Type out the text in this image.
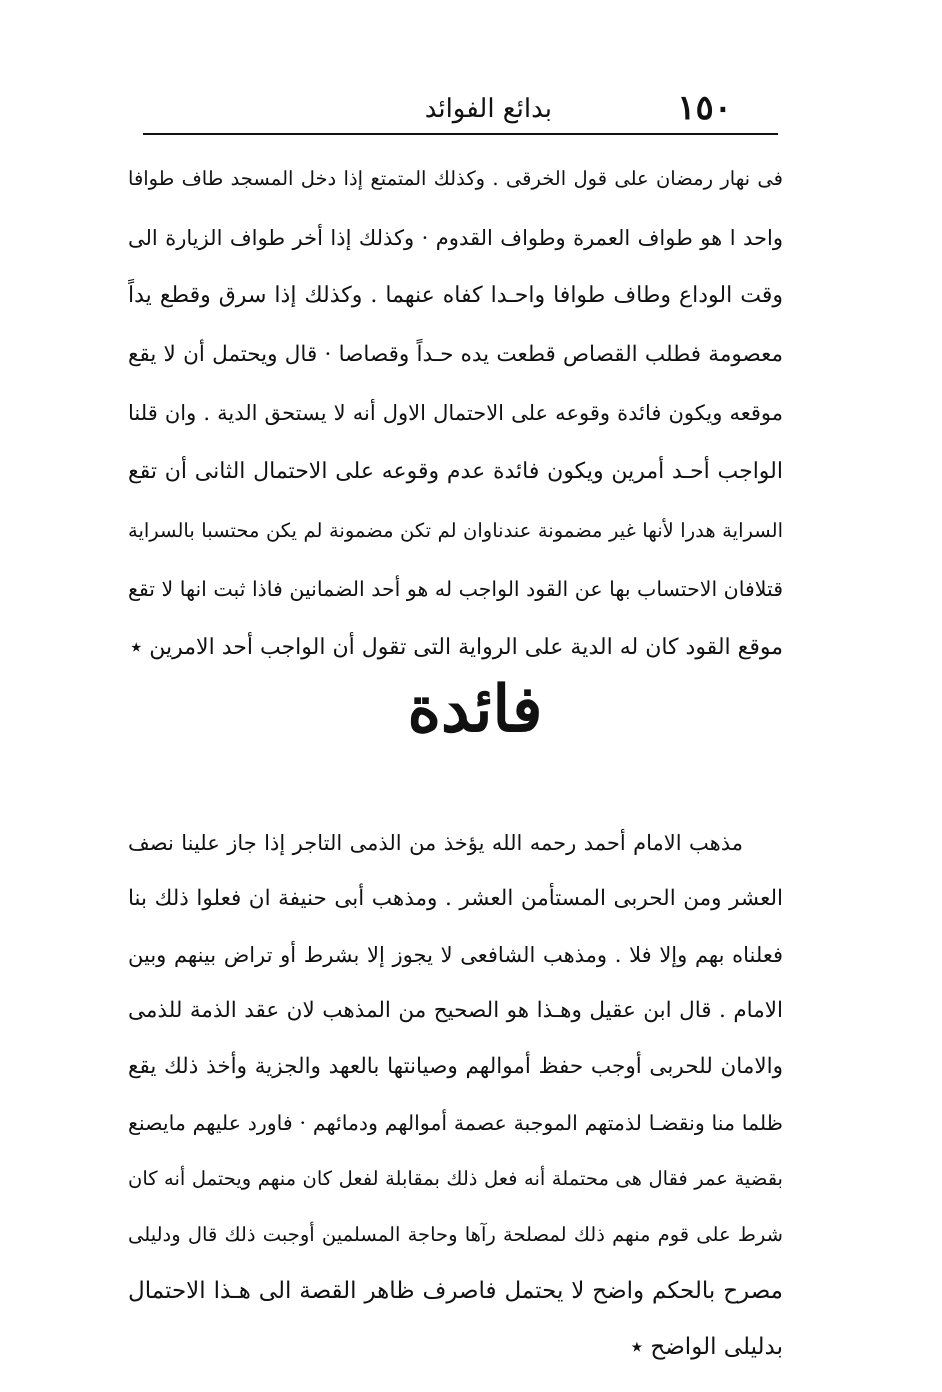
١٥٠
بدائع الفوائد
فى نهار رمضان على قول الخرقى . وكذلك المتمتع إذا دخل المسجد طاف طوافا
واحد ا هو طواف العمرة وطواف القدوم · وكذلك إذا أخر طواف الزيارة الى
وقت الوداع وطاف طوافا واحـدا كفاه عنهما . وكذلك إذا سرق وقطع يداً
معصومة فطلب القصاص قطعت يده حـداً وقصاصا · قال ويحتمل أن لا يقع
موقعه ويكون فائدة وقوعه على الاحتمال الاول أنه لا يستحق الدية . وان قلنا
الواجب أحـد أمرين ويكون فائدة عدم وقوعه على الاحتمال الثانى أن تقع
السراية هدرا لأنها غير مضمونة عندناوان لم تكن مضمونة لم يكن محتسبا بالسراية
قتلافان الاحتساب بها عن القود الواجب له هو أحد الضمانين فاذا ثبت انها لا تقع
موقع القود كان له الدية على الرواية التى تقول أن الواجب أحد الامرين ٭
فائدة
مذهب الامام أحمد رحمه الله يؤخذ من الذمى التاجر إذا جاز علينا نصف
العشر ومن الحربى المستأمن العشر . ومذهب أبى حنيفة ان فعلوا ذلك بنا
فعلناه بهم وإلا فلا . ومذهب الشافعى لا يجوز إلا بشرط أو تراض بينهم وبين
الامام . قال ابن عقيل وهـذا هو الصحيح من المذهب لان عقد الذمة للذمى
والامان للحربى أوجب حفظ أموالهم وصيانتها بالعهد والجزية وأخذ ذلك يقع
ظلما منا ونقضـا لذمتهم الموجبة عصمة أموالهم ودمائهم · فاورد عليهم مايصنع
بقضية عمر فقال هى محتملة أنه فعل ذلك بمقابلة لفعل كان منهم ويحتمل أنه كان
شرط على قوم منهم ذلك لمصلحة رآها وحاجة المسلمين أوجبت ذلك قال ودليلى
مصرح بالحكم واضح لا يحتمل فاصرف ظاهر القصة الى هـذا الاحتمال
بدليلى الواضح ٭
